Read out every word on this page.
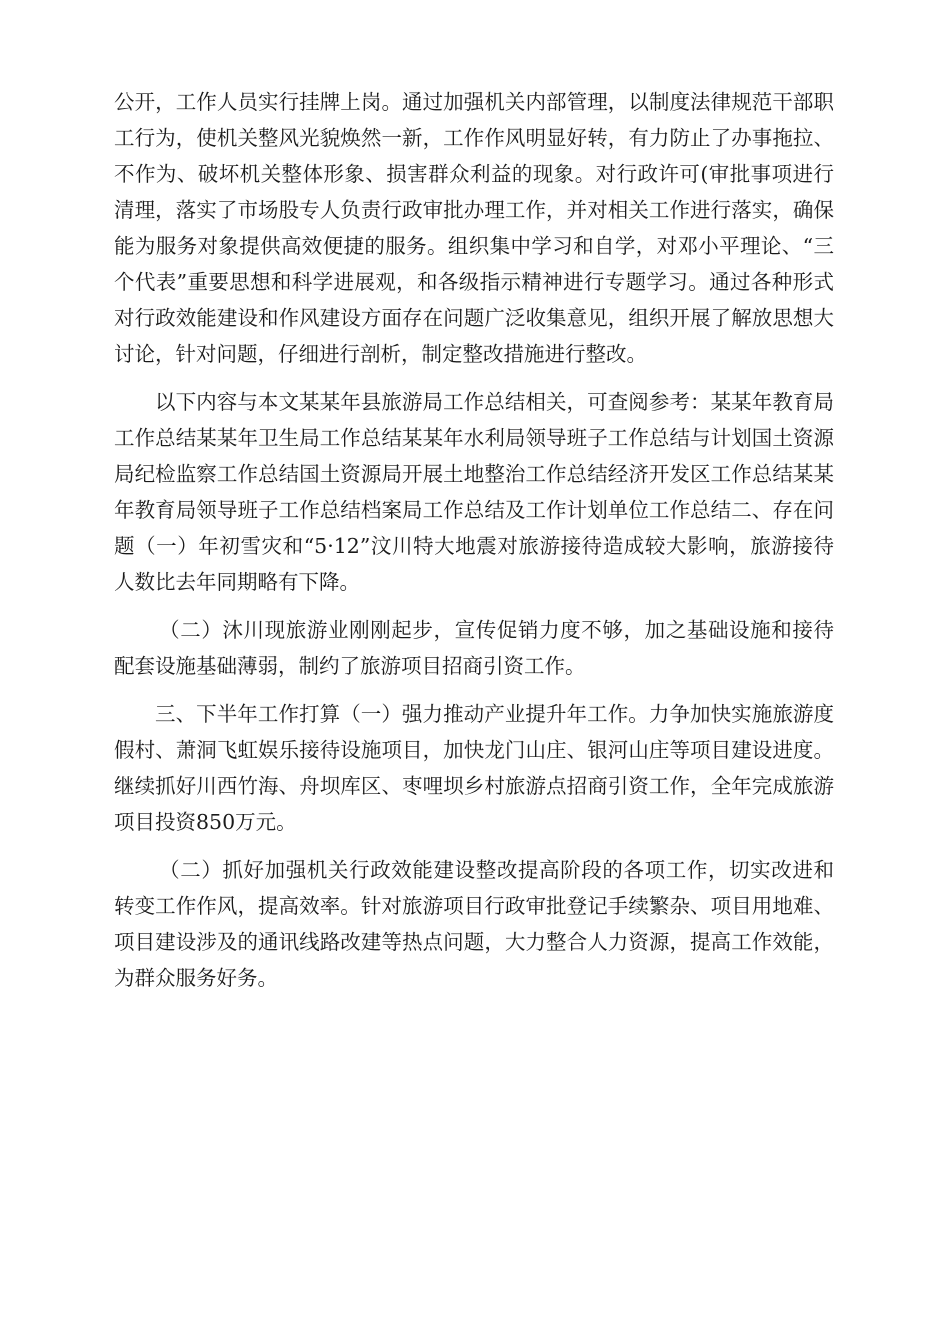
公开，工作人员实行挂牌上岗。通过加强机关内部管理，以制度法律规范干部职工行为，使机关整风光貌焕然一新，工作作风明显好转，有力防止了办事拖拉、不作为、破坏机关整体形象、损害群众利益的现象。对行政许可(审批事项进行清理，落实了市场股专人负责行政审批办理工作，并对相关工作进行落实，确保能为服务对象提供高效便捷的服务。组织集中学习和自学，对邓小平理论、“三个代表”重要思想和科学进展观，和各级指示精神进行专题学习。通过各种形式对行政效能建设和作风建设方面存在问题广泛收集意见，组织开展了解放思想大讨论，针对问题，仔细进行剖析，制定整改措施进行整改。

以下内容与本文某某年县旅游局工作总结相关，可查阅参考：某某年教育局工作总结某某年卫生局工作总结某某年水利局领导班子工作总结与计划国土资源局纪检监察工作总结国土资源局开展土地整治工作总结经济开发区工作总结某某年教育局领导班子工作总结档案局工作总结及工作计划单位工作总结二、存在问题（一）年初雪灾和“5·12”汶川特大地震对旅游接待造成较大影响，旅游接待人数比去年同期略有下降。

（二）沐川现旅游业刚刚起步，宣传促销力度不够，加之基础设施和接待配套设施基础薄弱，制约了旅游项目招商引资工作。

三、下半年工作打算（一）强力推动产业提升年工作。力争加快实施旅游度假村、萧洞飞虹娱乐接待设施项目，加快龙门山庄、银河山庄等项目建设进度。继续抓好川西竹海、舟坝库区、枣哩坝乡村旅游点招商引资工作，全年完成旅游项目投资850万元。

（二）抓好加强机关行政效能建设整改提高阶段的各项工作，切实改进和转变工作作风，提高效率。针对旅游项目行政审批登记手续繁杂、项目用地难、项目建设涉及的通讯线路改建等热点问题，大力整合人力资源，提高工作效能，为群众服务好务。
